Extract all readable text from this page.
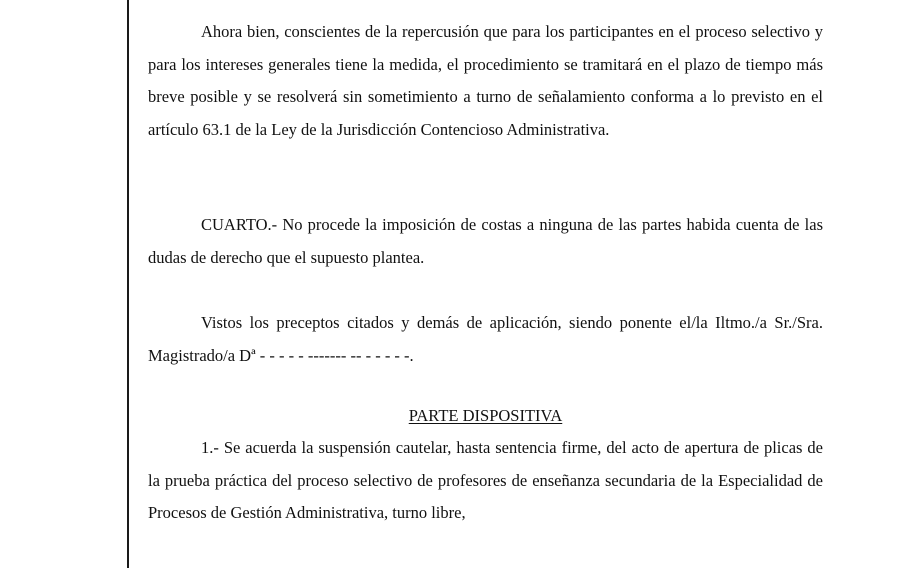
Ahora bien, conscientes de la repercusión que para los participantes en el proceso selectivo y para los intereses generales tiene la medida, el procedimiento se tramitará en el plazo de tiempo más breve posible y se resolverá sin sometimiento a turno de señalamiento conforma a lo previsto en el artículo 63.1 de la Ley de la Jurisdicción Contencioso Administrativa.

CUARTO.- No procede la imposición de costas a ninguna de las partes habida cuenta de las dudas de derecho que el supuesto plantea.

Vistos los preceptos citados y demás de aplicación, siendo ponente el/la Iltmo./a Sr./Sra. Magistrado/a Dª - - - - - ------- -- - - - - -.

PARTE DISPOSITIVA

1.- Se acuerda la suspensión cautelar, hasta sentencia firme, del acto de apertura de plicas de la prueba práctica del proceso selectivo de profesores de enseñanza secundaria de la Especialidad de Procesos de Gestión Administrativa, turno libre,
